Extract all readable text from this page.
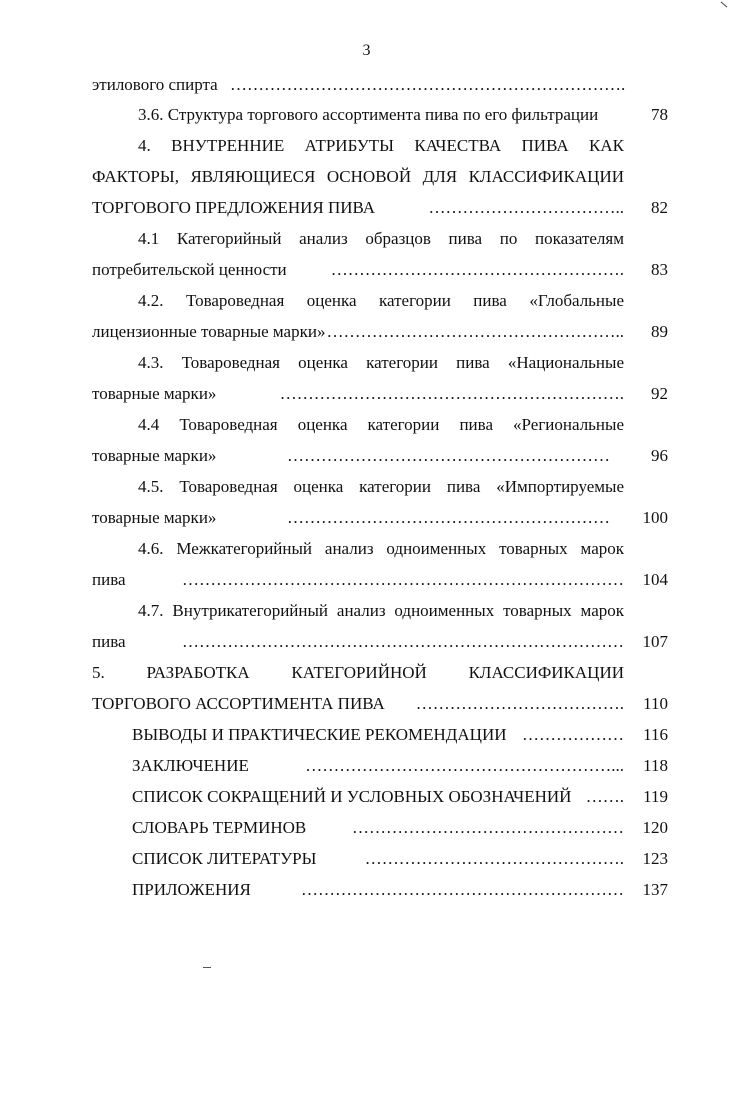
3
этилового спирта …………………………………………………………….
3.6. Структура торгового ассортимента пива по его фильтрации	78
4. ВНУТРЕННИЕ АТРИБУТЫ КАЧЕСТВА ПИВА КАК
ФАКТОРЫ, ЯВЛЯЮЩИЕСЯ ОСНОВОЙ ДЛЯ КЛАССИФИКАЦИИ
ТОРГОВОГО ПРЕДЛОЖЕНИЯ ПИВА	…………………………….. 82
4.1 Категорийный анализ образцов пива по показателям
потребительской ценности	……………………………………………. 83
4.2. Товароведная оценка категории пива «Глобальные
лицензионные товарные марки» …………………………………………….. 89
4.3. Товароведная оценка категории пива «Национальные
товарные марки»	……………………………………………………. 92
4.4 Товароведная оценка категории пива «Региональные
товарные марки»	………………………………………………… 96
4.5. Товароведная оценка категории пива «Импортируемые
товарные марки»	………………………………………………… 100
4.6. Межкатегорийный анализ одноименных товарных марок
пива	…………………………………………………………………… 104
4.7. Внутрикатегорийный анализ одноименных товарных марок
пива	…………………………………………………………………… 107
5. РАЗРАБОТКА КАТЕГОРИЙНОЙ КЛАССИФИКАЦИИ
ТОРГОВОГО АССОРТИМЕНТА ПИВА ………………………………. 110
ВЫВОДЫ И ПРАКТИЧЕСКИЕ РЕКОМЕНДАЦИИ ……………… 116
ЗАКЛЮЧЕНИЕ	………………………………………………... 118
СПИСОК СОКРАЩЕНИЙ И УСЛОВНЫХ ОБОЗНАЧЕНИЙ ……. 119
СЛОВАРЬ ТЕРМИНОВ	………………………………………… 120
СПИСОК ЛИТЕРАТУРЫ	………………………………………. 123
ПРИЛОЖЕНИЯ	………………………………………………… 137
